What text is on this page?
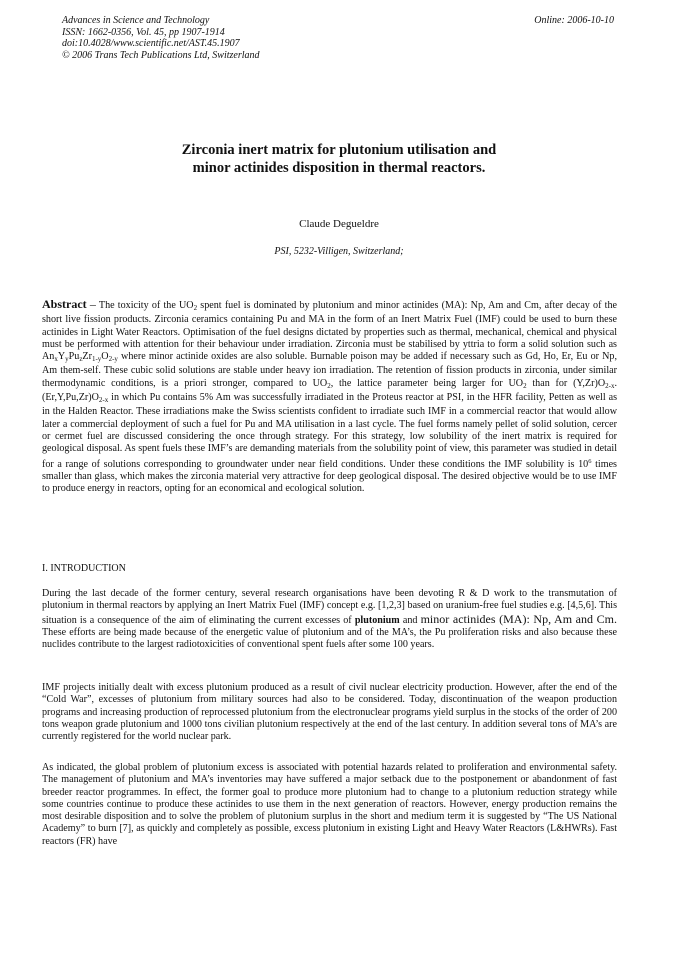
Advances in Science and Technology
ISSN: 1662-0356, Vol. 45, pp 1907-1914
doi:10.4028/www.scientific.net/AST.45.1907
© 2006 Trans Tech Publications Ltd, Switzerland
Online: 2006-10-10
Zirconia inert matrix for plutonium utilisation and
minor actinides disposition in thermal reactors.
Claude Degueldre
PSI, 5232-Villigen, Switzerland;
Abstract – The toxicity of the $UO_2$ spent fuel is dominated by plutonium and minor actinides (MA): Np, Am and Cm, after decay of the short live fission products. Zirconia ceramics containing Pu and MA in the form of an Inert Matrix Fuel (IMF) could be used to burn these actinides in Light Water Reactors. Optimisation of the fuel designs dictated by properties such as thermal, mechanical, chemical and physical must be performed with attention for their behaviour under irradiation. Zirconia must be stabilised by yttria to form a solid solution such as $An_xY_yPu_zZr_{1-y}O_{2-y}$ where minor actinide oxides are also soluble. Burnable poison may be added if necessary such as Gd, Ho, Er, Eu or Np, Am them-self. These cubic solid solutions are stable under heavy ion irradiation. The retention of fission products in zirconia, under similar thermodynamic conditions, is a priori stronger, compared to $UO_2$, the lattice parameter being larger for $UO_2$ than for $(Y,Zr)O_{2-x}$. $(Er,Y,Pu,Zr)O_{2-x}$ in which Pu contains 5% Am was successfully irradiated in the Proteus reactor at PSI, in the HFR facility, Petten as well as in the Halden Reactor. These irradiations make the Swiss scientists confident to irradiate such IMF in a commercial reactor that would allow later a commercial deployment of such a fuel for Pu and MA utilisation in a last cycle. The fuel forms namely pellet of solid solution, cercer or cermet fuel are discussed considering the once through strategy. For this strategy, low solubility of the inert matrix is required for geological disposal. As spent fuels these IMF’s are demanding materials from the solubility point of view, this parameter was studied in detail for a range of solutions corresponding to groundwater under near field conditions. Under these conditions the IMF solubility is $10^6$ times smaller than glass, which makes the zirconia material very attractive for deep geological disposal. The desired objective would be to use IMF to produce energy in reactors, opting for an economical and ecological solution.
I. INTRODUCTION
During the last decade of the former century, several research organisations have been devoting R & D work to the transmutation of plutonium in thermal reactors by applying an Inert Matrix Fuel (IMF) concept e.g. [1,2,3] based on uranium-free fuel studies e.g. [4,5,6]. This situation is a consequence of the aim of eliminating the current excesses of plutonium and minor actinides (MA): Np, Am and Cm. These efforts are being made because of the energetic value of plutonium and of the MA’s, the Pu proliferation risks and also because these nuclides contribute to the largest radiotoxicities of conventional spent fuels after some 100 years.
IMF projects initially dealt with excess plutonium produced as a result of civil nuclear electricity production. However, after the end of the “Cold War”, excesses of plutonium from military sources had also to be considered. Today, discontinuation of the weapon production programs and increasing production of reprocessed plutonium from the electronuclear programs yield surplus in the stocks of the order of 200 tons weapon grade plutonium and 1000 tons civilian plutonium respectively at the end of the last century. In addition several tons of MA’s are currently registered for the world nuclear park.
As indicated, the global problem of plutonium excess is associated with potential hazards related to proliferation and environmental safety. The management of plutonium and MA’s inventories may have suffered a major setback due to the postponement or abandonment of fast breeder reactor programmes. In effect, the former goal to produce more plutonium had to change to a plutonium reduction strategy while some countries continue to produce these actinides to use them in the next generation of reactors. However, energy production remains the most desirable disposition and to solve the problem of plutonium surplus in the short and medium term it is suggested by “The US National Academy” to burn [7], as quickly and completely as possible, excess plutonium in existing Light and Heavy Water Reactors (L&HWRs). Fast reactors (FR) have
